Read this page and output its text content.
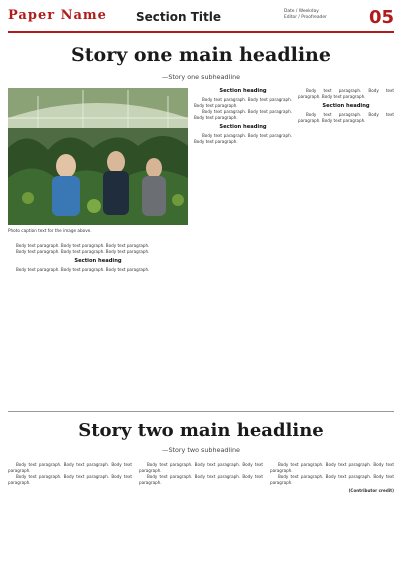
Paper Name Section Title	Date / Weekday
Editor / Proofreader	05
Story one main headline
—Story one subheadline
Photo caption text for the image above.

Body text paragraph. Body text paragraph. Body text paragraph.

Body text paragraph. Body text paragraph. Body text paragraph.

Section heading

Body text paragraph. Body text paragraph. Body text paragraph.

Section heading

Body text paragraph. Body text paragraph. Body text paragraph.

Body text paragraph. Body text paragraph. Body text paragraph.

Section heading

Body text paragraph. Body text paragraph. Body text paragraph.

Body text paragraph. Body text paragraph. Body text paragraph.

Section heading

Body text paragraph. Body text paragraph. Body text paragraph.

Story two main headline
—Story two subheadline

Body text paragraph. Body text paragraph. Body text paragraph.

Body text paragraph. Body text paragraph. Body text paragraph.

Body text paragraph. Body text paragraph. Body text paragraph.

Body text paragraph. Body text paragraph. Body text paragraph.

Body text paragraph. Body text paragraph. Body text paragraph.

Body text paragraph. Body text paragraph. Body text paragraph.

(Contributor credit)
